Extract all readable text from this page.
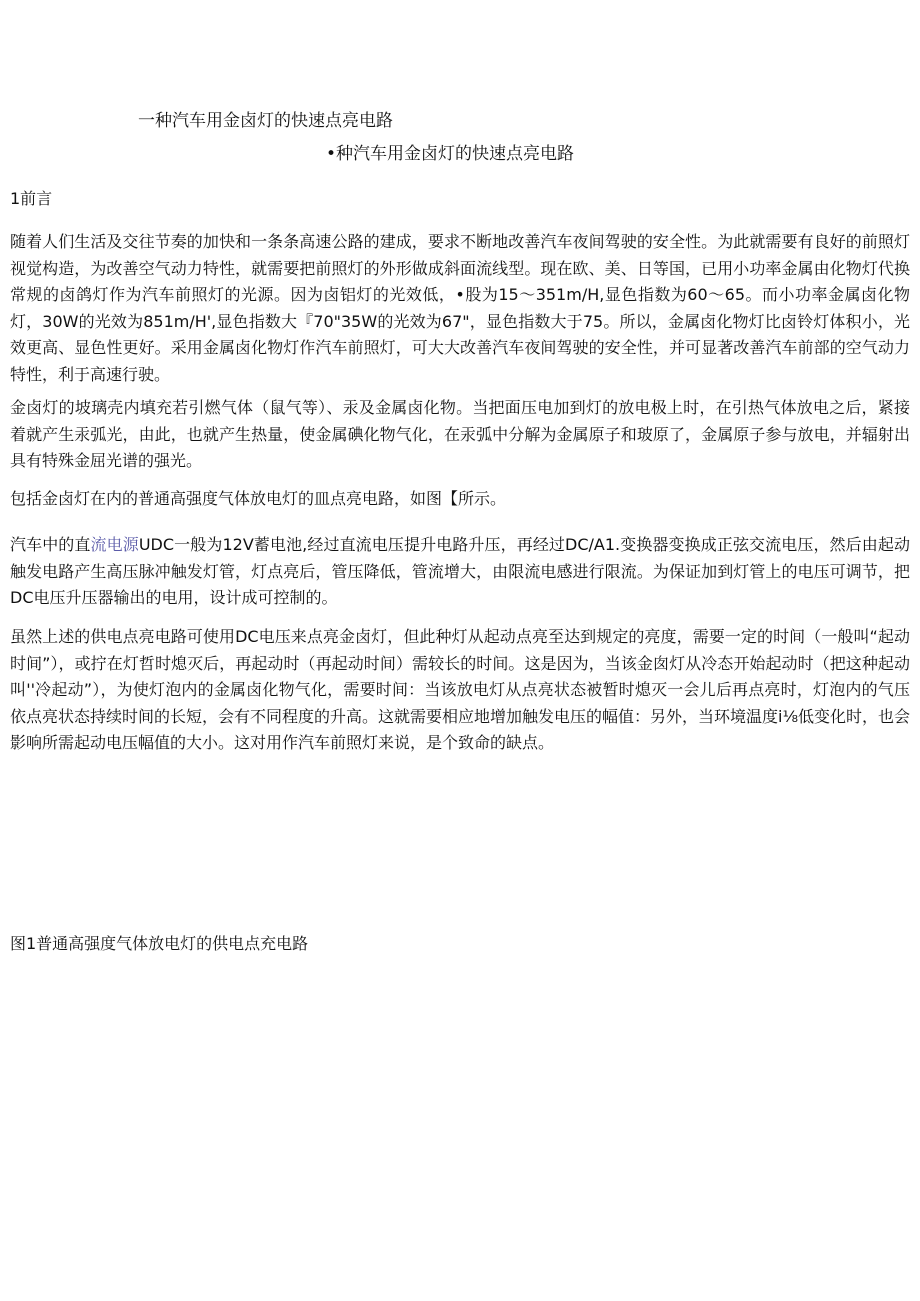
一种汽车用金卤灯的快速点亮电路
•种汽车用金卤灯的快速点亮电路
1前言

随着人们生活及交往节奏的加快和一条条高速公路的建成，要求不断地改善汽车夜间驾驶的安全性。为此就需要有良好的前照灯视觉构造，为改善空气动力特性，就需要把前照灯的外形做成斜面流线型。现在欧、美、日等国，已用小功率金属由化物灯代换常规的卤鸽灯作为汽车前照灯的光源。因为卤铝灯的光效低，•股为15～351m/H,显色指数为60～65。而小功率金属卤化物灯，30W的光效为851m/H',显色指数大『70"35W的光效为67"，显色指数大于75。所以，金属卤化物灯比卤铃灯体积小，光效更高、显色性更好。采用金属卤化物灯作汽车前照灯，可大大改善汽车夜间驾驶的安全性，并可显著改善汽车前部的空气动力特性，利于高速行驶。

金卤灯的坡璃壳内填充若引燃气体（鼠气等）、汞及金属卤化物。当把面压电加到灯的放电极上时，在引热气体放电之后，紧接着就产生汞弧光，由此，也就产生热量，使金属碘化物气化，在汞弧中分解为金属原子和玻原了，金属原子参与放电，并辐射出具有特殊金屈光谱的强光。

包括金卤灯在内的普通高强度气体放电灯的皿点亮电路，如图【所示。

汽车中的直流电源UDC一般为12V蓄电池,经过直流电压提升电路升压，再经过DC/A1.变换器变换成正弦交流电压，然后由起动触发电路产生高压脉冲触发灯管，灯点亮后，管压降低，管流增大，由限流电感进行限流。为保证加到灯管上的电压可调节，把DC电压升压器输出的电用，设计成可控制的。

虽然上述的供电点亮电路可使用DC电压来点亮金卤灯，但此种灯从起动点亮至达到规定的亮度，需要一定的时间（一般叫“起动时间”），或拧在灯哲时熄灭后，再起动时（再起动时间）需较长的时间。这是因为，当该金囱灯从冷态开始起动时（把这种起动叫''冷起动”），为使灯泡内的金属卤化物气化，需要时间：当该放电灯从点亮状态被暂时熄灭一会儿后再点亮时，灯泡内的气压依点亮状态持续时间的长短，会有不同程度的升高。这就需要相应地增加触发电压的幅值：另外，当环境温度i⅛低变化时，也会影响所需起动电压幅值的大小。这对用作汽车前照灯来说，是个致命的缺点。

图1普通高强度气体放电灯的供电点充电路
